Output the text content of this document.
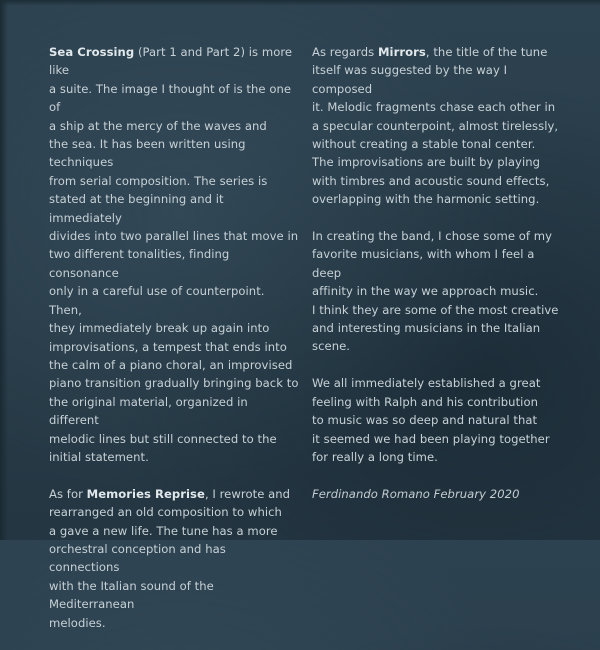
Sea Crossing (Part 1 and Part 2) is more like
a suite. The image I thought of is the one of
a ship at the mercy of the waves and
the sea. It has been written using techniques
from serial composition. The series is
stated at the beginning and it immediately
divides into two parallel lines that move in
two different tonalities, finding consonance
only in a careful use of counterpoint. Then,
they immediately break up again into
improvisations, a tempest that ends into
the calm of a piano choral, an improvised
piano transition gradually bringing back to
the original material, organized in different
melodic lines but still connected to the
initial statement.

As for Memories Reprise, I rewrote and
rearranged an old composition to which
a gave a new life. The tune has a more
orchestral conception and has connections
with the Italian sound of the Mediterranean
melodies.

As regards Mirrors, the title of the tune
itself was suggested by the way I composed
it. Melodic fragments chase each other in
a specular counterpoint, almost tirelessly,
without creating a stable tonal center.
The improvisations are built by playing
with timbres and acoustic sound effects,
overlapping with the harmonic setting.

In creating the band, I chose some of my
favorite musicians, with whom I feel a deep
affinity in the way we approach music.
I think they are some of the most creative
and interesting musicians in the Italian
scene.

We all immediately established a great
feeling with Ralph and his contribution
to music was so deep and natural that
it seemed we had been playing together
for really a long time.

Ferdinando Romano February 2020
